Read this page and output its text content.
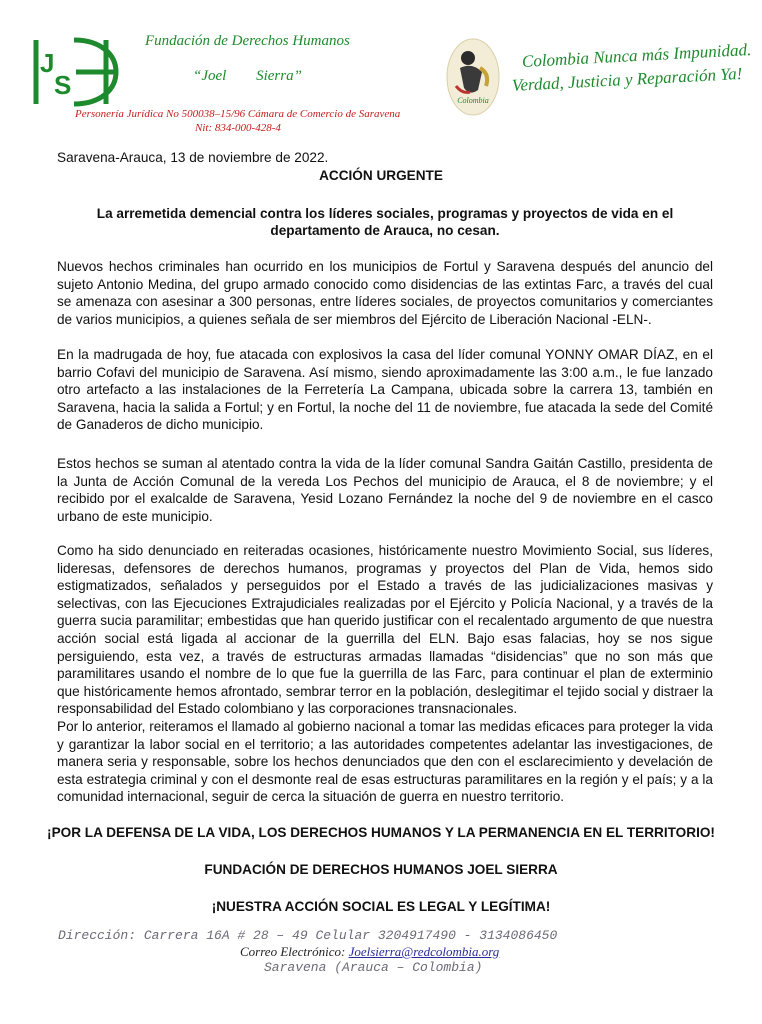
J
S
Fundación de Derechos Humanos
“Joel Sierra”
Personería Jurídica No 500038–15/96 Cámara de Comercio de Saravena
Nit: 834-000-428-4
Colombia
Colombia Nunca más Impunidad.
Verdad, Justicia y Reparación Ya!
Saravena-Arauca, 13 de noviembre de 2022.
ACCIÓN URGENTE
La arremetida demencial contra los líderes sociales, programas y proyectos de vida en el departamento de Arauca, no cesan.

Nuevos hechos criminales han ocurrido en los municipios de Fortul y Saravena después del anuncio del sujeto Antonio Medina, del grupo armado conocido como disidencias de las extintas Farc, a través del cual se amenaza con asesinar a 300 personas, entre líderes sociales, de proyectos comunitarios y comerciantes de varios municipios, a quienes señala de ser miembros del Ejército de Liberación Nacional -ELN-.

En la madrugada de hoy, fue atacada con explosivos la casa del líder comunal YONNY OMAR DÍAZ, en el barrio Cofavi del municipio de Saravena. Así mismo, siendo aproximadamente las 3:00 a.m., le fue lanzado otro artefacto a las instalaciones de la Ferretería La Campana, ubicada sobre la carrera 13, también en Saravena, hacia la salida a Fortul; y en Fortul, la noche del 11 de noviembre, fue atacada la sede del Comité de Ganaderos de dicho municipio.

Estos hechos se suman al atentado contra la vida de la líder comunal Sandra Gaitán Castillo, presidenta de la Junta de Acción Comunal de la vereda Los Pechos del municipio de Arauca, el 8 de noviembre; y el recibido por el exalcalde de Saravena, Yesid Lozano Fernández la noche del 9 de noviembre en el casco urbano de este municipio.

Como ha sido denunciado en reiteradas ocasiones, históricamente nuestro Movimiento Social, sus líderes, lideresas, defensores de derechos humanos, programas y proyectos del Plan de Vida, hemos sido estigmatizados, señalados y perseguidos por el Estado a través de las judicializaciones masivas y selectivas, con las Ejecuciones Extrajudiciales realizadas por el Ejército y Policía Nacional, y a través de la guerra sucia paramilitar; embestidas que han querido justificar con el recalentado argumento de que nuestra acción social está ligada al accionar de la guerrilla del ELN. Bajo esas falacias, hoy se nos sigue persiguiendo, esta vez, a través de estructuras armadas llamadas “disidencias” que no son más que paramilitares usando el nombre de lo que fue la guerrilla de las Farc, para continuar el plan de exterminio que históricamente hemos afrontado, sembrar terror en la población, deslegitimar el tejido social y distraer la responsabilidad del Estado colombiano y las corporaciones transnacionales.

Por lo anterior, reiteramos el llamado al gobierno nacional a tomar las medidas eficaces para proteger la vida y garantizar la labor social en el territorio; a las autoridades competentes adelantar las investigaciones, de manera seria y responsable, sobre los hechos denunciados que den con el esclarecimiento y develación de esta estrategia criminal y con el desmonte real de esas estructuras paramilitares en la región y el país; y a la comunidad internacional, seguir de cerca la situación de guerra en nuestro territorio.

¡POR LA DEFENSA DE LA VIDA, LOS DERECHOS HUMANOS Y LA PERMANENCIA EN EL TERRITORIO!
FUNDACIÓN DE DERECHOS HUMANOS JOEL SIERRA
¡NUESTRA ACCIÓN SOCIAL ES LEGAL Y LEGÍTIMA!
Dirección: Carrera 16A # 28 – 49 Celular 3204917490 - 3134086450
Correo Electrónico: Joelsierra@redcolombia.org
Saravena (Arauca – Colombia)
